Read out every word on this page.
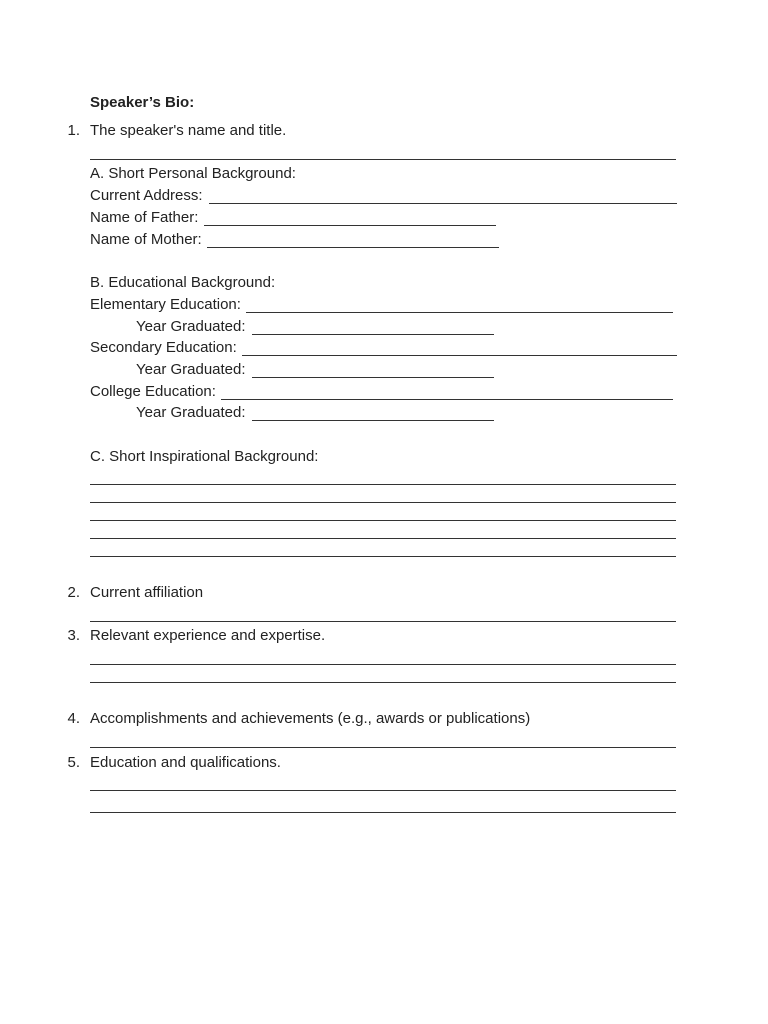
Speaker’s Bio:
1. The speaker's name and title.
A. Short Personal Background:
Current Address:
Name of Father:
Name of Mother:
B. Educational Background:
Elementary Education:
Year Graduated:
Secondary Education:
Year Graduated:
College Education:
Year Graduated:
C. Short Inspirational Background:
2. Current affiliation
3. Relevant experience and expertise.
4. Accomplishments and achievements (e.g., awards or publications)
5. Education and qualifications.
